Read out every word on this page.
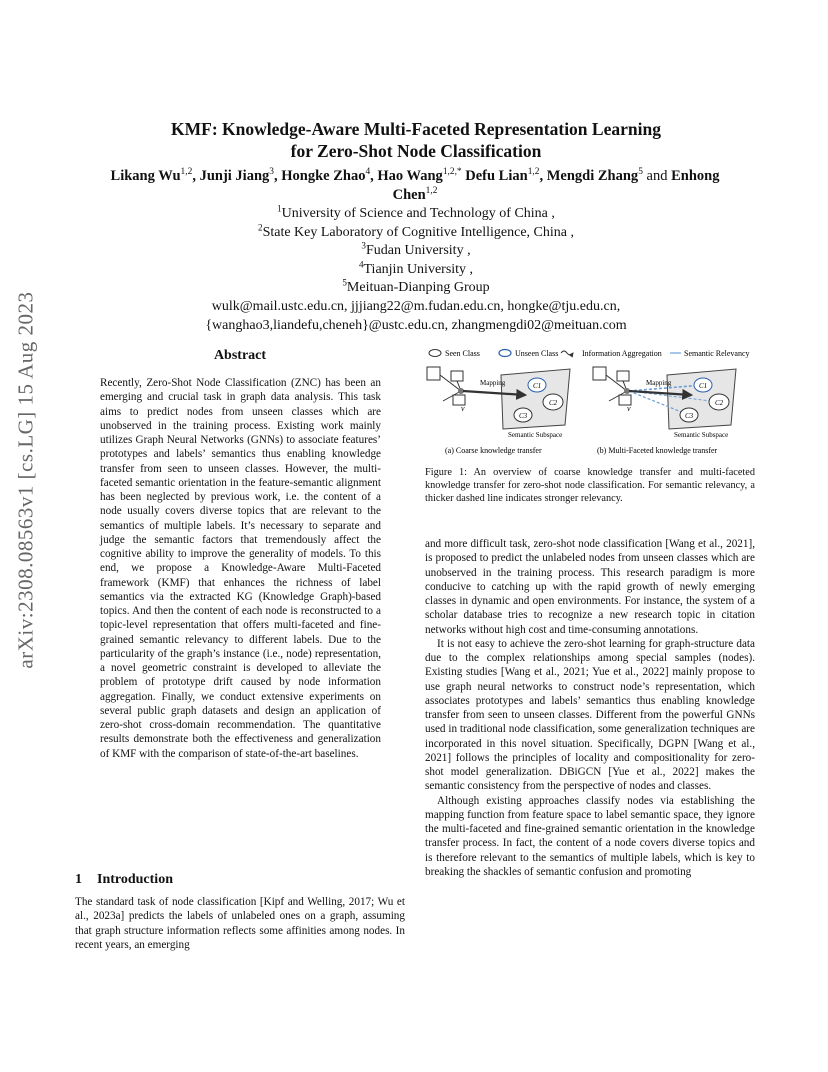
arXiv:2308.08563v1 [cs.LG] 15 Aug 2023
KMF: Knowledge-Aware Multi-Faceted Representation Learning
for Zero-Shot Node Classification
Likang Wu$^{1,2}$, Junji Jiang$^3$, Hongke Zhao$^4$, Hao Wang$^{1,2,*}$ Defu Lian$^{1,2}$, Mengdi Zhang$^5$ and Enhong Chen$^{1,2}$
$^1$University of Science and Technology of China ,
$^2$State Key Laboratory of Cognitive Intelligence, China ,
$^3$Fudan University ,
$^4$Tianjin University ,
$^5$Meituan-Dianping Group
wulk@mail.ustc.edu.cn, jjjiang22@m.fudan.edu.cn, hongke@tju.edu.cn,
{wanghao3,liandefu,cheneh}@ustc.edu.cn, zhangmengdi02@meituan.com
Abstract

Recently, Zero-Shot Node Classification (ZNC) has been an emerging and crucial task in graph data analysis. This task aims to predict nodes from unseen classes which are unobserved in the training process. Existing work mainly utilizes Graph Neural Networks (GNNs) to associate features’ prototypes and labels’ semantics thus enabling knowledge transfer from seen to unseen classes. However, the multi-faceted semantic orientation in the feature-semantic alignment has been neglected by previous work, i.e. the content of a node usually covers diverse topics that are relevant to the semantics of multiple labels. It’s necessary to separate and judge the semantic factors that tremendously affect the cognitive ability to improve the generality of models. To this end, we propose a Knowledge-Aware Multi-Faceted framework (KMF) that enhances the richness of label semantics via the extracted KG (Knowledge Graph)-based topics. And then the content of each node is reconstructed to a topic-level representation that offers multi-faceted and fine-grained semantic relevancy to different labels. Due to the particularity of the graph’s instance (i.e., node) representation, a novel geometric constraint is developed to alleviate the problem of prototype drift caused by node information aggregation. Finally, we conduct extensive experiments on several public graph datasets and design an application of zero-shot cross-domain recommendation. The quantitative results demonstrate both the effectiveness and generalization of KMF with the comparison of state-of-the-art baselines.

1 Introduction

The standard task of node classification [Kipf and Welling, 2017; Wu et al., 2023a] predicts the labels of unlabeled ones on a graph, assuming that graph structure information reflects some affinities among nodes. In recent years, an emerging

Seen Class	Unseen Class	Information Aggregation	Semantic Relevancy
v
Mapping	C1
C2
C3
Semantic Subspace
(a) Coarse knowledge transfer
v
Mapping	C1
C2
C3
Semantic Subspace
(b) Multi-Faceted knowledge transfer

Figure 1: An overview of coarse knowledge transfer and multi-faceted knowledge transfer for zero-shot node classification. For semantic relevancy, a thicker dashed line indicates stronger relevancy.

and more difficult task, zero-shot node classification [Wang et al., 2021], is proposed to predict the unlabeled nodes from unseen classes which are unobserved in the training process. This research paradigm is more conducive to catching up with the rapid growth of newly emerging classes in dynamic and open environments. For instance, the system of a scholar database tries to recognize a new research topic in citation networks without high cost and time-consuming annotations.

It is not easy to achieve the zero-shot learning for graph-structure data due to the complex relationships among special samples (nodes). Existing studies [Wang et al., 2021; Yue et al., 2022] mainly propose to use graph neural networks to construct node’s representation, which associates prototypes and labels’ semantics thus enabling knowledge transfer from seen to unseen classes. Different from the powerful GNNs used in traditional node classification, some generalization techniques are incorporated in this novel situation. Specifically, DGPN [Wang et al., 2021] follows the principles of locality and compositionality for zero-shot model generalization. DBiGCN [Yue et al., 2022] makes the semantic consistency from the perspective of nodes and classes.

Although existing approaches classify nodes via establishing the mapping function from feature space to label semantic space, they ignore the multi-faceted and fine-grained semantic orientation in the knowledge transfer process. In fact, the content of a node covers diverse topics and is therefore relevant to the semantics of multiple labels, which is key to breaking the shackles of semantic confusion and promoting
